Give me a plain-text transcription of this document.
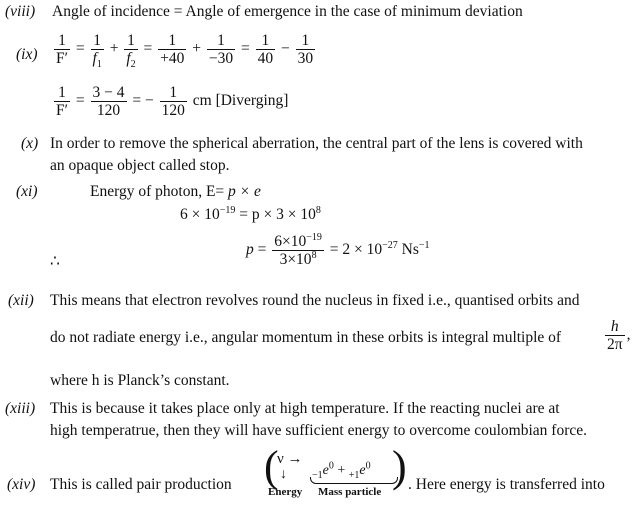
(viii) Angle of incidence = Angle of emergence in the case of minimum deviation
$(ix) \frac{1}{F'} = \frac{1}{f_1} + \frac{1}{f_2} = \frac{1}{+40} + \frac{1}{-30} = \frac{1}{40} - \frac{1}{30}$
$\frac{1}{F'} = \frac{3 - 4}{120}$ = − $\frac{1}{120}$ cm [Diverging]
(x) In order to remove the spherical aberration, the central part of the lens is covered with
an opaque object called stop.
(xi)	Energy of photon, E= p × e
$6 \times 10^{-19} = p \times 3 \times 10^8$
∴
$p = \frac{6\times 10^{-19}}{3\times 10^8} = 2 \times 10^{-27}$ $Ns^{-1}$
(xii) This means that electron revolves round the nucleus in fixed i.e., quantised orbits and
do not radiate energy i.e., angular momentum in these orbits is integral multiple of	$\frac{h}{2\pi}$ ,
where h is Planck’s constant.
(xiii) This is because it takes place only at high temperature. If the reacting nuclei are at
high temperatrue, then they will have sufficient energy to overcome coulombian force.
(xiv) This is called pair production (
ν →
↓	$_{-1}e^0 + _{+1}e^0$ )
Energy Mass particle . Here energy is transferred into
